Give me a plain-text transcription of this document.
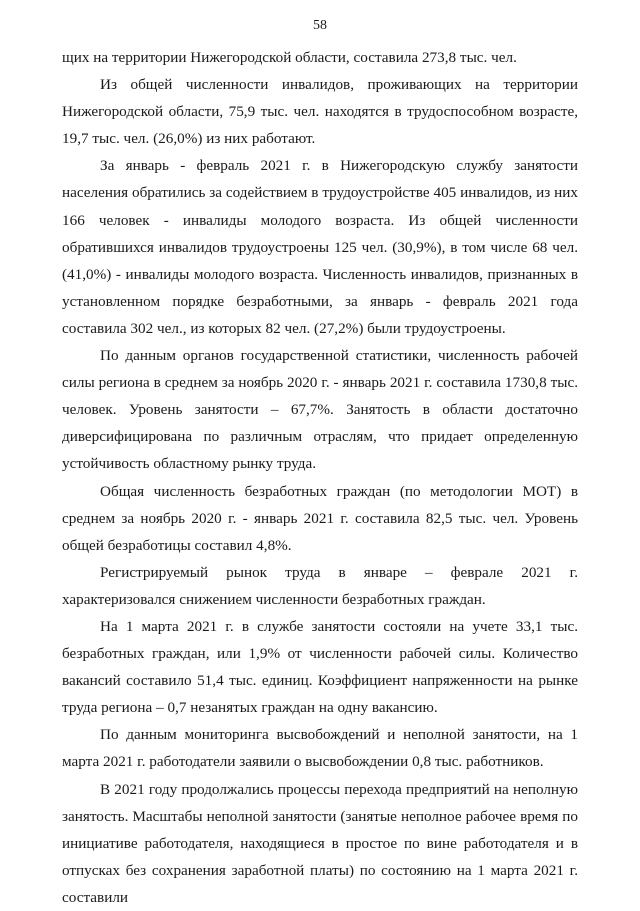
58

щих на территории Нижегородской области, составила 273,8 тыс. чел.

Из общей численности инвалидов, проживающих на территории Нижегородской области, 75,9 тыс. чел. находятся в трудоспособном возрасте, 19,7 тыс. чел. (26,0%) из них работают.

За январь - февраль 2021 г. в Нижегородскую службу занятости населения обратились за содействием в трудоустройстве 405 инвалидов, из них 166 человек - инвалиды молодого возраста. Из общей численности обратившихся инвалидов трудоустроены 125 чел. (30,9%), в том числе 68 чел. (41,0%) - инвалиды молодого возраста. Численность инвалидов, признанных в установленном порядке безработными, за январь - февраль 2021 года составила 302 чел., из которых 82 чел. (27,2%) были трудоустроены.

По данным органов государственной статистики, численность рабочей силы региона в среднем за ноябрь 2020 г. - январь 2021 г. составила 1730,8 тыс. человек. Уровень занятости – 67,7%. Занятость в области достаточно диверсифицирована по различным отраслям, что придает определенную устойчивость областному рынку труда.

Общая численность безработных граждан (по методологии МОТ) в среднем за ноябрь 2020 г. - январь 2021 г. составила 82,5 тыс. чел. Уровень общей безработицы составил 4,8%.

Регистрируемый рынок труда в январе – феврале 2021 г. характеризовался снижением численности безработных граждан.

На 1 марта 2021 г. в службе занятости состояли на учете 33,1 тыс. безработных граждан, или 1,9% от численности рабочей силы. Количество вакансий составило 51,4 тыс. единиц. Коэффициент напряженности на рынке труда региона – 0,7 незанятых граждан на одну вакансию.

По данным мониторинга высвобождений и неполной занятости, на 1 марта 2021 г. работодатели заявили о высвобождении 0,8 тыс. работников.

В 2021 году продолжались процессы перехода предприятий на неполную занятость. Масштабы неполной занятости (занятые неполное рабочее время по инициативе работодателя, находящиеся в простое по вине работодателя и в отпусках без сохранения заработной платы) по состоянию на 1 марта 2021 г. составили
